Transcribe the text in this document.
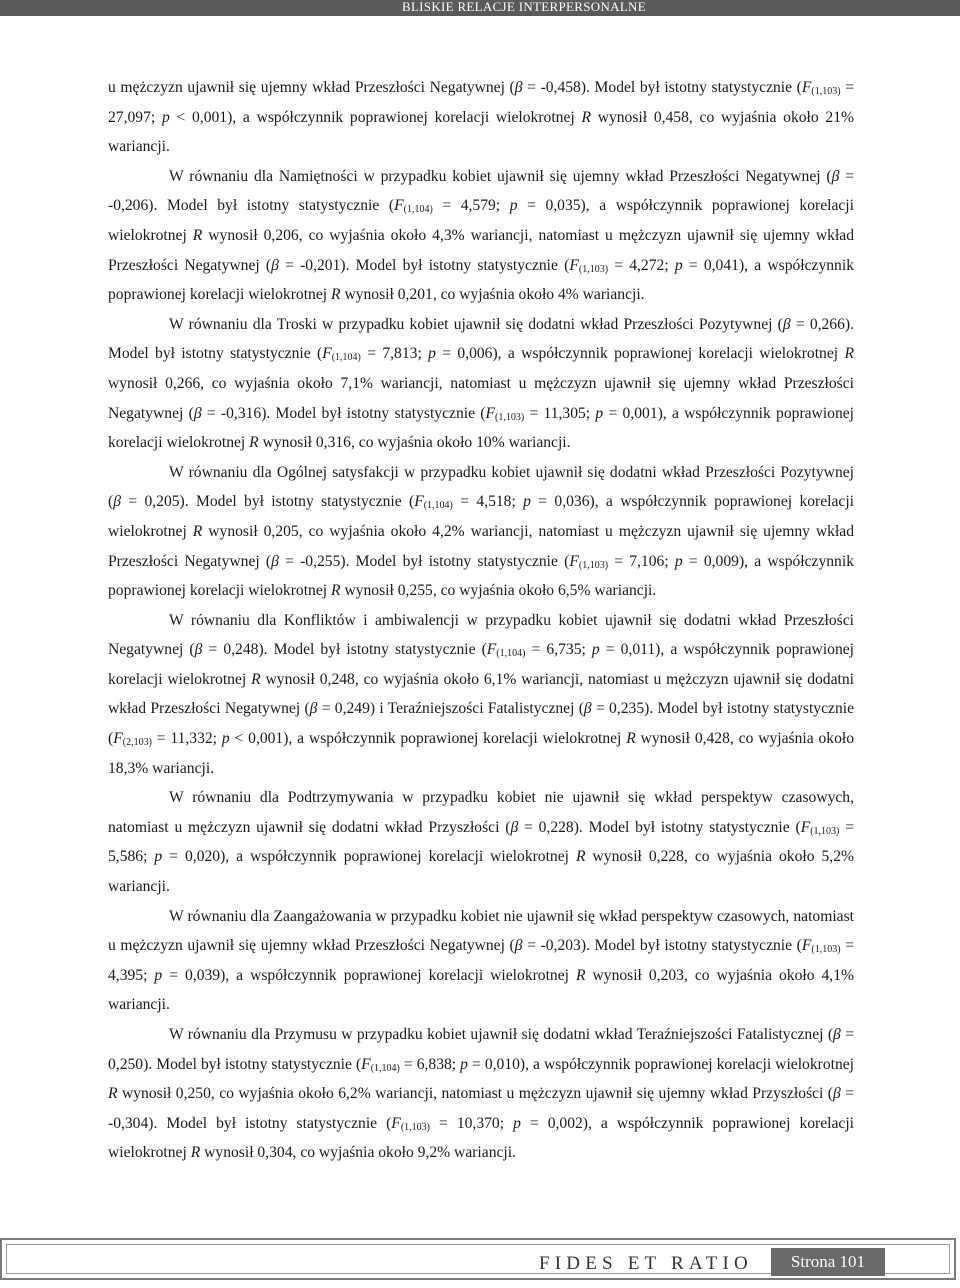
BLISKIE RELACJE INTERPERSONALNE

u mężczyzn ujawnił się ujemny wkład Przeszłości Negatywnej (β = -0,458). Model był istotny statystycznie ($F_{(1,103)} = 27,097$; p < 0,001), a współczynnik poprawionej korelacji wielokrotnej R wynosił 0,458, co wyjaśnia około 21% wariancji.

W równaniu dla Namiętności w przypadku kobiet ujawnił się ujemny wkład Przeszłości Negatywnej (β = -0,206). Model był istotny statystycznie ($F_{(1,104)} = 4,579$; p = 0,035), a współczynnik poprawionej korelacji wielokrotnej R wynosił 0,206, co wyjaśnia około 4,3% wariancji, natomiast u mężczyzn ujawnił się ujemny wkład Przeszłości Negatywnej (β = -0,201). Model był istotny statystycznie ($F_{(1,103)} = 4,272$; p = 0,041), a współczynnik poprawionej korelacji wielokrotnej R wynosił 0,201, co wyjaśnia około 4% wariancji.

W równaniu dla Troski w przypadku kobiet ujawnił się dodatni wkład Przeszłości Pozytywnej (β = 0,266). Model był istotny statystycznie ($F_{(1,104)} = 7,813$; p = 0,006), a współczynnik poprawionej korelacji wielokrotnej R wynosił 0,266, co wyjaśnia około 7,1% wariancji, natomiast u mężczyzn ujawnił się ujemny wkład Przeszłości Negatywnej (β = -0,316). Model był istotny statystycznie ($F_{(1,103)} = 11,305$; p = 0,001), a współczynnik poprawionej korelacji wielokrotnej R wynosił 0,316, co wyjaśnia około 10% wariancji.

W równaniu dla Ogólnej satysfakcji w przypadku kobiet ujawnił się dodatni wkład Przeszłości Pozytywnej (β = 0,205). Model był istotny statystycznie ($F_{(1,104)} = 4,518$; p = 0,036), a współczynnik poprawionej korelacji wielokrotnej R wynosił 0,205, co wyjaśnia około 4,2% wariancji, natomiast u mężczyzn ujawnił się ujemny wkład Przeszłości Negatywnej (β = -0,255). Model był istotny statystycznie ($F_{(1,103)} = 7,106$; p = 0,009), a współczynnik poprawionej korelacji wielokrotnej R wynosił 0,255, co wyjaśnia około 6,5% wariancji.

W równaniu dla Konfliktów i ambiwalencji w przypadku kobiet ujawnił się dodatni wkład Przeszłości Negatywnej (β = 0,248). Model był istotny statystycznie ($F_{(1,104)} = 6,735$; p = 0,011), a współczynnik poprawionej korelacji wielokrotnej R wynosił 0,248, co wyjaśnia około 6,1% wariancji, natomiast u mężczyzn ujawnił się dodatni wkład Przeszłości Negatywnej (β = 0,249) i Teraźniejszości Fatalistycznej (β = 0,235). Model był istotny statystycznie ($F_{(2,103)} = 11,332$; p < 0,001), a współczynnik poprawionej korelacji wielokrotnej R wynosił 0,428, co wyjaśnia około 18,3% wariancji.

W równaniu dla Podtrzymywania w przypadku kobiet nie ujawnił się wkład perspektyw czasowych, natomiast u mężczyzn ujawnił się dodatni wkład Przyszłości (β = 0,228). Model był istotny statystycznie ($F_{(1,103)} = 5,586$; p = 0,020), a współczynnik poprawionej korelacji wielokrotnej R wynosił 0,228, co wyjaśnia około 5,2% wariancji.

W równaniu dla Zaangażowania w przypadku kobiet nie ujawnił się wkład perspektyw czasowych, natomiast u mężczyzn ujawnił się ujemny wkład Przeszłości Negatywnej (β = -0,203). Model był istotny statystycznie ($F_{(1,103)} = 4,395$; p = 0,039), a współczynnik poprawionej korelacji wielokrotnej R wynosił 0,203, co wyjaśnia około 4,1% wariancji.

W równaniu dla Przymusu w przypadku kobiet ujawnił się dodatni wkład Teraźniejszości Fatalistycznej (β = 0,250). Model był istotny statystycznie ($F_{(1,104)} = 6,838$; p = 0,010), a współczynnik poprawionej korelacji wielokrotnej R wynosił 0,250, co wyjaśnia około 6,2% wariancji, natomiast u mężczyzn ujawnił się ujemny wkład Przyszłości (β = -0,304). Model był istotny statystycznie ($F_{(1,103)} = 10,370$; p = 0,002), a współczynnik poprawionej korelacji wielokrotnej R wynosił 0,304, co wyjaśnia około 9,2% wariancji.

FIDES ET RATIO	Strona 101
